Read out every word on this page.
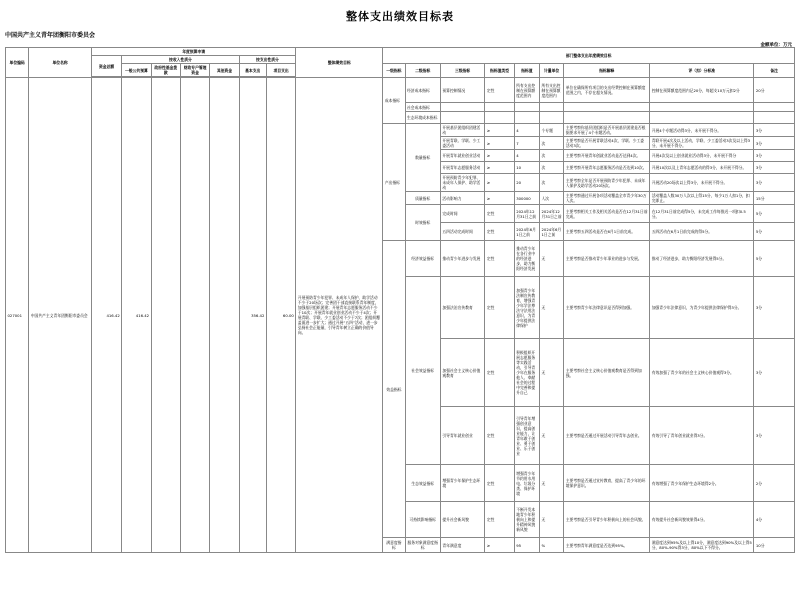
整体支出绩效目标表
中国共产主义青年团衡阳市委员会
金额单位：万元
单位编码	单位名称	年度预算申请							整体绩效目标	部门整体支出年度绩效目标								
		资金总额	按收入性质分				按支出性质分											
			一般公共预算	政府性基金拨款	财政专户管理资金	其他资金	基本支出	项目支出		一级指标	二级指标	三级指标	指标值类型	指标值	计量单位	指标解释	评（扣）分标准	备注

027001	中国共产主义青年团衡阳市委员会	416.42	416.42				356.42	60.00	开展预防青少年犯罪、未成年人保护、助学活动不少于20场次；完善团干部直接联系青年制度，加强基层组织团建；开展青年志愿服务活动不少于10次；开展青年就业创业活动不少于4次；开展青联、学联、少工委活动不少于7次；团组织覆盖面进一步扩大；通过开展“五四”活动，进一步弘扬社会正能量，引导青年树立正确的价值导向。	成本指标	经济成本指标	预算控制情况	定性	所有支出控制在预算额度范围内	所有支出控制在预算额度范围内	单位在确保所有项目的支出经费控制在预算额度范围之内，不存在超支情况。	控制在预算额度范围内记20分，每超支10万元扣2分	20分
											社会成本指标							
											生态环境成本指标							
										产出指标	数量指标	开展基层团组织团建活动	≥	4	个专题	主要考察你基层团组织是否开展基层团建是否根据要求开展了4个专题活动。	开展4个专题活动得3分，未开展不得分。	3分
												开展青联、学联、少工委活动	≥	7	次	主要考察是否开展青联活动4次，学联、少工委活动3次。	青联开展4次及以上活动，学联、少工委活动3次及以上得3分，未开展不得分。	3分
												开展青年就业创业活动	≥	4	次	主要考察开展青年创就业活动是否达到4次。	开展4次及以上创业就业活动得3分，未开展不得分	3分
												开展青年志愿服务活动	≥	10	次	主要考察开展青年志愿服务活动是否达到10次。	开展10次以及上青年志愿活动的得3分，未开展不得分。	3分
												开展预防青少年犯罪、未成年人保护、助学活动	≥	20	次	主要考察全年是否开展预防青少年犯罪、未成年人保护及助学活动20场次。	开展活动20场次以上得3分，未开展不得分。	3分
											质量指标	活动影响力	≥	300000	人次	主要考察通过开展各项活动覆盖全市青少年30万人次。	活动覆盖人数30万人次以上得15分，每少1万人扣1分，扣完即止。	15分
											时效指标	完成时间	定性	2024年12月31日之前	2024年12月31日之前	主要考察相关工作及相关活动是否在12月31日前完成。	在12月31日前完成得5分，未完成工作每推迟一项扣0.5分。	5分
												五四活动完成时间	定性	2024年6月1日之前	2024年6月1日之前	主要考察五四活动是否在6月1日前完成。	五四活动在6月1日前完成的得5分。	5分
										效益指标	经济效益指标	推动青少年进步与发展	定性	推动青少年在各行业中的经济进步，助力衡阳经济发展	无	主要考察是否推动青少年事业的进步与发展。	推动了经济进步，助力衡阳经济发展得5分。	5分
											社会效益指标	加强法治宣传教育	定性	加强青少年法制宣传教育，增强青少年学法尊法守法用法意识，为青少年提供法律保护	无	主要考察青少年法律意识是否得到加强。	加强青少年法律意识，为青少年提供法律保护得3分。	3分
												加强社会主义核心价值观教育	定性	积极组织开展志愿服务等实践活动，引导青少年在服务他人、奉献社会的过程中完善和提升自己	无	主要考察社会主义核心价值观教育是否得到加强。	有效加强了青少年的社会主义核心价值观得3分。	3分
												引导青年就业创业	定性	引导青年增强创业意识，提高创业能力，让青年敢于创业、勇于创业、乐于创业	无	主要考察是否通过开展活动引导青年去创业。	有效引导了青年创业就业得3分。	3分
											生态效益指标	增强青少年保护生态环境	定性	增强青少年节约用水用电、垃圾分类、保护环境	无	主要考察是否通过宣传教育，提高了青少年的环境保护意识。	有效增强了青少年保护生态环境得2分。	2分
											可持续影响指标	提升社会新风貌	定性	不断开发本地青少年积极向上和提升精神风貌新风貌	无	主要考察是否引导青少年积极向上的社会风貌。	有效提升社会新风貌效果得4分。	4分
										满意度指标	服务对象满意度指标	青年满意度	≥	95	%	主要考察青年满意度是否达到95%。	满意度达到95%及以上得10分，满意度达到90%及以上得5分，80%-90%得3分，80%以下不得分。	10分
